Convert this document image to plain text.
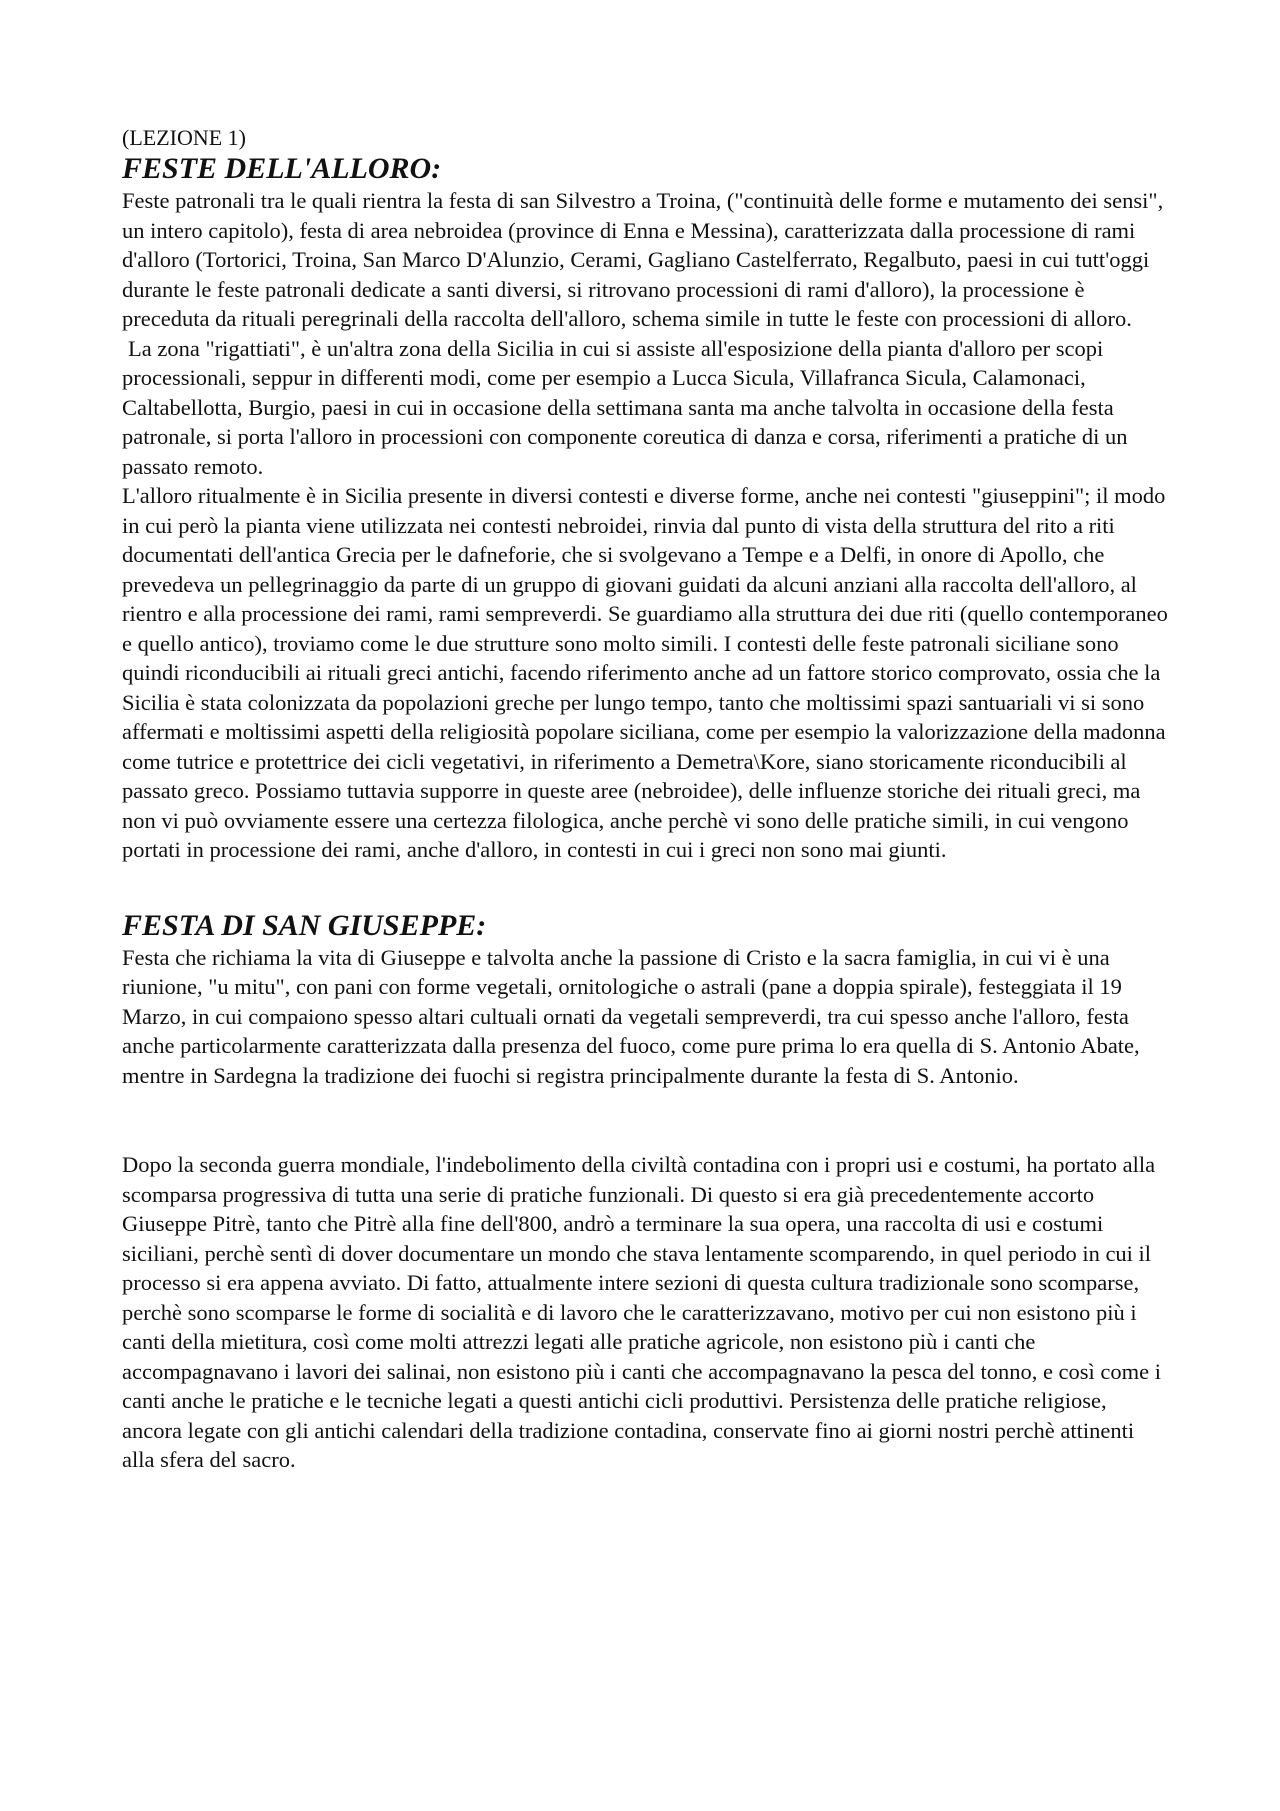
(LEZIONE 1)

FESTE DELL'ALLORO:

Feste patronali tra le quali rientra la festa di san Silvestro a Troina, ("continuità delle forme e mutamento dei sensi", un intero capitolo), festa di area nebroidea (province di Enna e Messina), caratterizzata dalla processione di rami d'alloro (Tortorici, Troina, San Marco D'Alunzio, Cerami, Gagliano Castelferrato, Regalbuto, paesi in cui tutt'oggi durante le feste patronali dedicate a santi diversi, si ritrovano processioni di rami d'alloro), la processione è preceduta da rituali peregrinali della raccolta dell'alloro, schema simile in tutte le feste con processioni di alloro.

La zona "rigattiati", è un'altra zona della Sicilia in cui si assiste all'esposizione della pianta d'alloro per scopi processionali, seppur in differenti modi, come per esempio a Lucca Sicula, Villafranca Sicula, Calamonaci, Caltabellotta, Burgio, paesi in cui in occasione della settimana santa ma anche talvolta in occasione della festa patronale, si porta l'alloro in processioni con componente coreutica di danza e corsa, riferimenti a pratiche di un passato remoto.

L'alloro ritualmente è in Sicilia presente in diversi contesti e diverse forme, anche nei contesti "giuseppini"; il modo in cui però la pianta viene utilizzata nei contesti nebroidei, rinvia dal punto di vista della struttura del rito a riti documentati dell'antica Grecia per le dafneforie, che si svolgevano a Tempe e a Delfi, in onore di Apollo, che prevedeva un pellegrinaggio da parte di un gruppo di giovani guidati da alcuni anziani alla raccolta dell'alloro, al rientro e alla processione dei rami, rami sempreverdi. Se guardiamo alla struttura dei due riti (quello contemporaneo e quello antico), troviamo come le due strutture sono molto simili. I contesti delle feste patronali siciliane sono quindi riconducibili ai rituali greci antichi, facendo riferimento anche ad un fattore storico comprovato, ossia che la Sicilia è stata colonizzata da popolazioni greche per lungo tempo, tanto che moltissimi spazi santuariali vi si sono affermati e moltissimi aspetti della religiosità popolare siciliana, come per esempio la valorizzazione della madonna come tutrice e protettrice dei cicli vegetativi, in riferimento a Demetra\Kore, siano storicamente riconducibili al passato greco. Possiamo tuttavia supporre in queste aree (nebroidee), delle influenze storiche dei rituali greci, ma non vi può ovviamente essere una certezza filologica, anche perchè vi sono delle pratiche simili, in cui vengono portati in processione dei rami, anche d'alloro, in contesti in cui i greci non sono mai giunti.

FESTA DI SAN GIUSEPPE:

Festa che richiama la vita di Giuseppe e talvolta anche la passione di Cristo e la sacra famiglia, in cui vi è una riunione, "u mitu", con pani con forme vegetali, ornitologiche o astrali (pane a doppia spirale), festeggiata il 19 Marzo, in cui compaiono spesso altari cultuali ornati da vegetali sempreverdi, tra cui spesso anche l'alloro, festa anche particolarmente caratterizzata dalla presenza del fuoco, come pure prima lo era quella di S. Antonio Abate, mentre in Sardegna la tradizione dei fuochi si registra principalmente durante la festa di S. Antonio.

Dopo la seconda guerra mondiale, l'indebolimento della civiltà contadina con i propri usi e costumi, ha portato alla scomparsa progressiva di tutta una serie di pratiche funzionali. Di questo si era già precedentemente accorto Giuseppe Pitrè, tanto che Pitrè alla fine dell'800, andrò a terminare la sua opera, una raccolta di usi e costumi siciliani, perchè sentì di dover documentare un mondo che stava lentamente scomparendo, in quel periodo in cui il processo si era appena avviato. Di fatto, attualmente intere sezioni di questa cultura tradizionale sono scomparse, perchè sono scomparse le forme di socialità e di lavoro che le caratterizzavano, motivo per cui non esistono più i canti della mietitura, così come molti attrezzi legati alle pratiche agricole, non esistono più i canti che accompagnavano i lavori dei salinai, non esistono più i canti che accompagnavano la pesca del tonno, e così come i canti anche le pratiche e le tecniche legati a questi antichi cicli produttivi. Persistenza delle pratiche religiose, ancora legate con gli antichi calendari della tradizione contadina, conservate fino ai giorni nostri perchè attinenti alla sfera del sacro.
